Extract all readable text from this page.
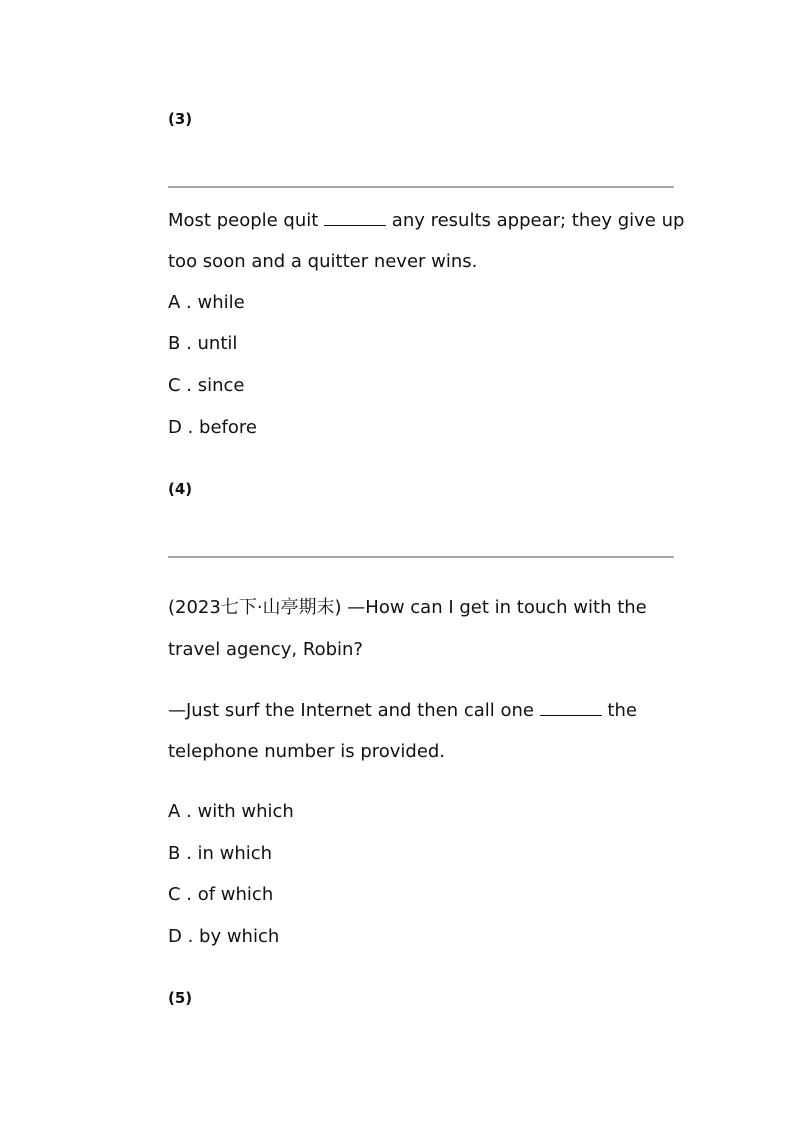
(3)
Most people quit	any results appear; they give up
too soon and a quitter never wins.
A . while
B . until
C . since
D . before
(4)
(2023七下·山亭期末) —How can I get in touch with the
travel agency, Robin?
—Just surf the Internet and then call one	the
telephone number is provided.
A . with which
B . in which
C . of which
D . by which
(5)
